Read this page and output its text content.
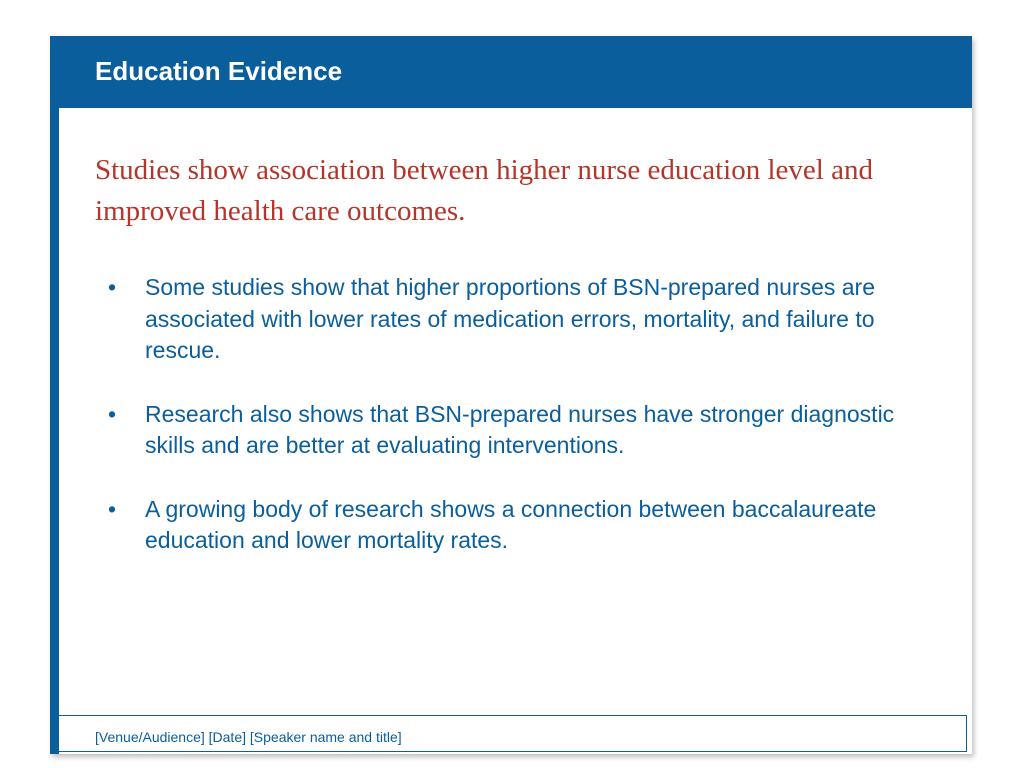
Education Evidence
Studies show association between higher nurse education level and improved health care outcomes.
• Some studies show that higher proportions of BSN-prepared nurses are associated with lower rates of medication errors, mortality, and failure to rescue.
• Research also shows that BSN-prepared nurses have stronger diagnostic skills and are better at evaluating interventions.
• A growing body of research shows a connection between baccalaureate education and lower mortality rates.
[Venue/Audience] [Date] [Speaker name and title]
